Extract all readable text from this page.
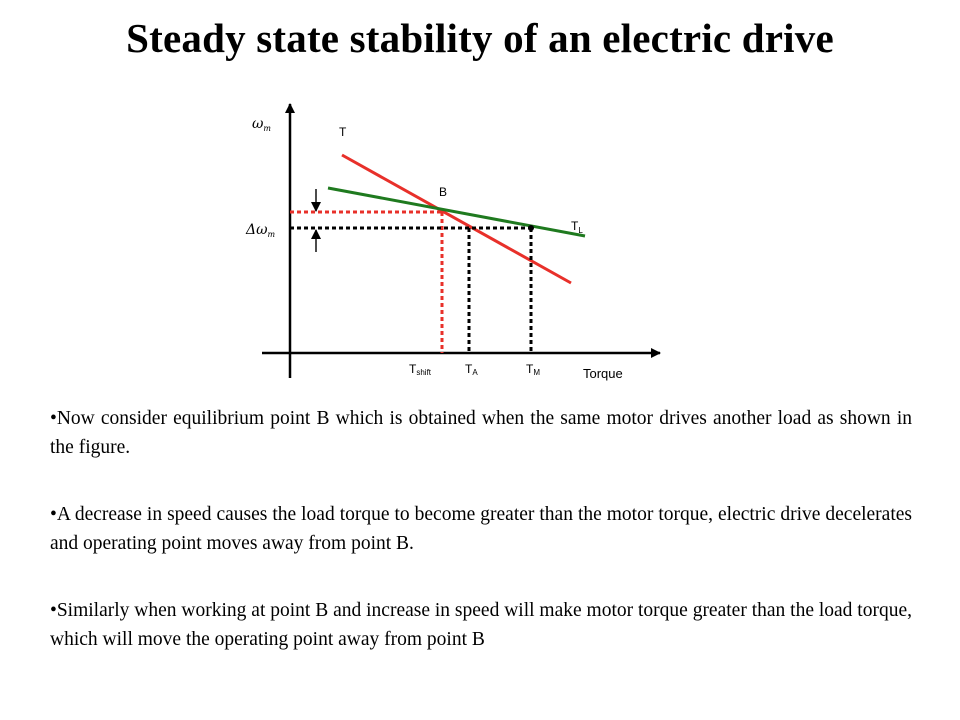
Steady state stability of an electric drive
$\omega_m$
$\Delta\omega_m$
T
$T_L$
B
Tshift	TA	TM	Torque

•Now consider equilibrium point B which is obtained when the same motor drives another load as shown in the figure.

•A decrease in speed causes the load torque to become greater than the motor torque, electric drive decelerates and operating point moves away from point B.

•Similarly when working at point B and increase in speed will make motor torque greater than the load torque, which will move the operating point away from point B
